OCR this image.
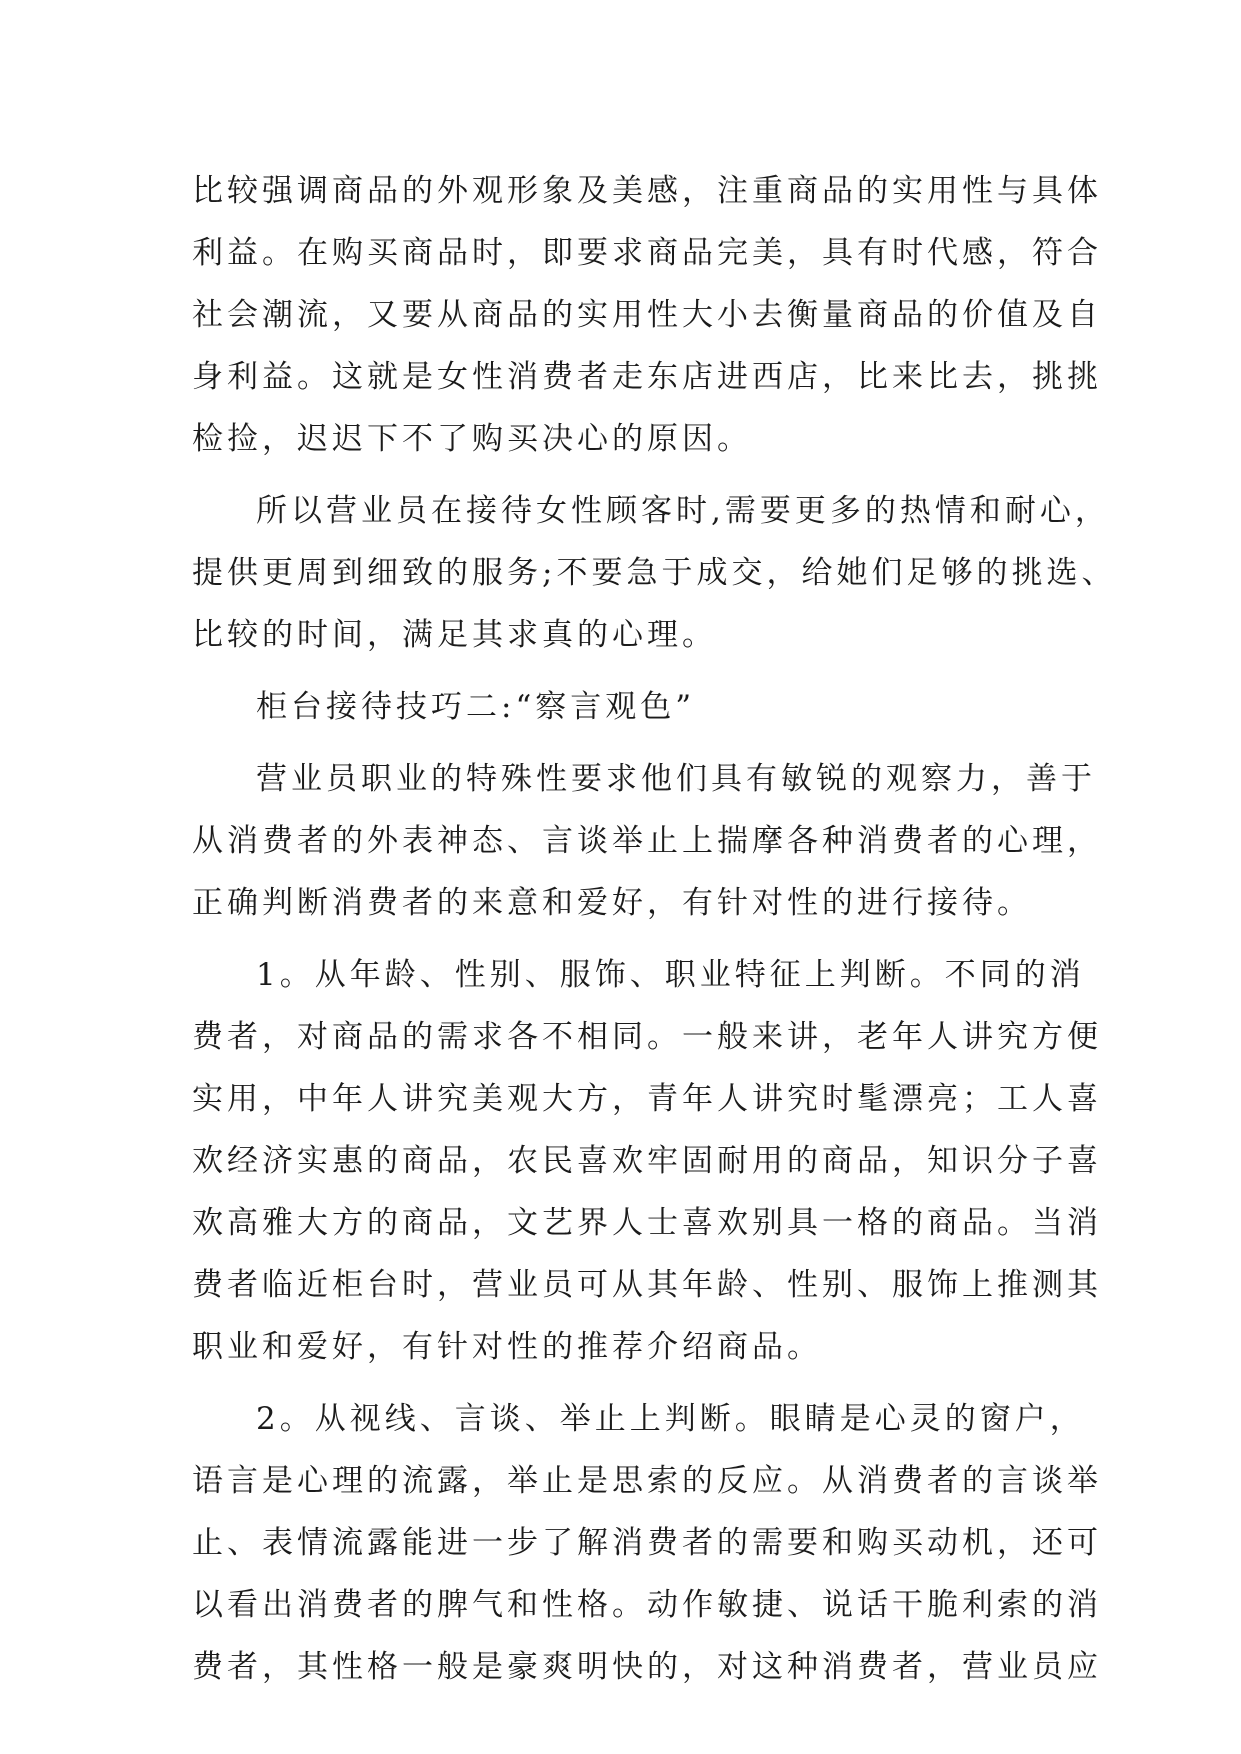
比较强调商品的外观形象及美感，注重商品的实用性与具体
利益。在购买商品时，即要求商品完美，具有时代感，符合
社会潮流，又要从商品的实用性大小去衡量商品的价值及自
身利益。这就是女性消费者走东店进西店，比来比去，挑挑
检捡，迟迟下不了购买决心的原因。
所以营业员在接待女性顾客时,需要更多的热情和耐心，
提供更周到细致的服务;不要急于成交，给她们足够的挑选、
比较的时间，满足其求真的心理。
柜台接待技巧二:“察言观色”
营业员职业的特殊性要求他们具有敏锐的观察力，善于
从消费者的外表神态、言谈举止上揣摩各种消费者的心理，
正确判断消费者的来意和爱好，有针对性的进行接待。
1。从年龄、性别、服饰、职业特征上判断。不同的消
费者，对商品的需求各不相同。一般来讲，老年人讲究方便
实用，中年人讲究美观大方，青年人讲究时髦漂亮；工人喜
欢经济实惠的商品，农民喜欢牢固耐用的商品，知识分子喜
欢高雅大方的商品，文艺界人士喜欢别具一格的商品。当消
费者临近柜台时，营业员可从其年龄、性别、服饰上推测其
职业和爱好，有针对性的推荐介绍商品。
2。从视线、言谈、举止上判断。眼睛是心灵的窗户，
语言是心理的流露，举止是思索的反应。从消费者的言谈举
止、表情流露能进一步了解消费者的需要和购买动机，还可
以看出消费者的脾气和性格。动作敏捷、说话干脆利索的消
费者，其性格一般是豪爽明快的，对这种消费者，营业员应
